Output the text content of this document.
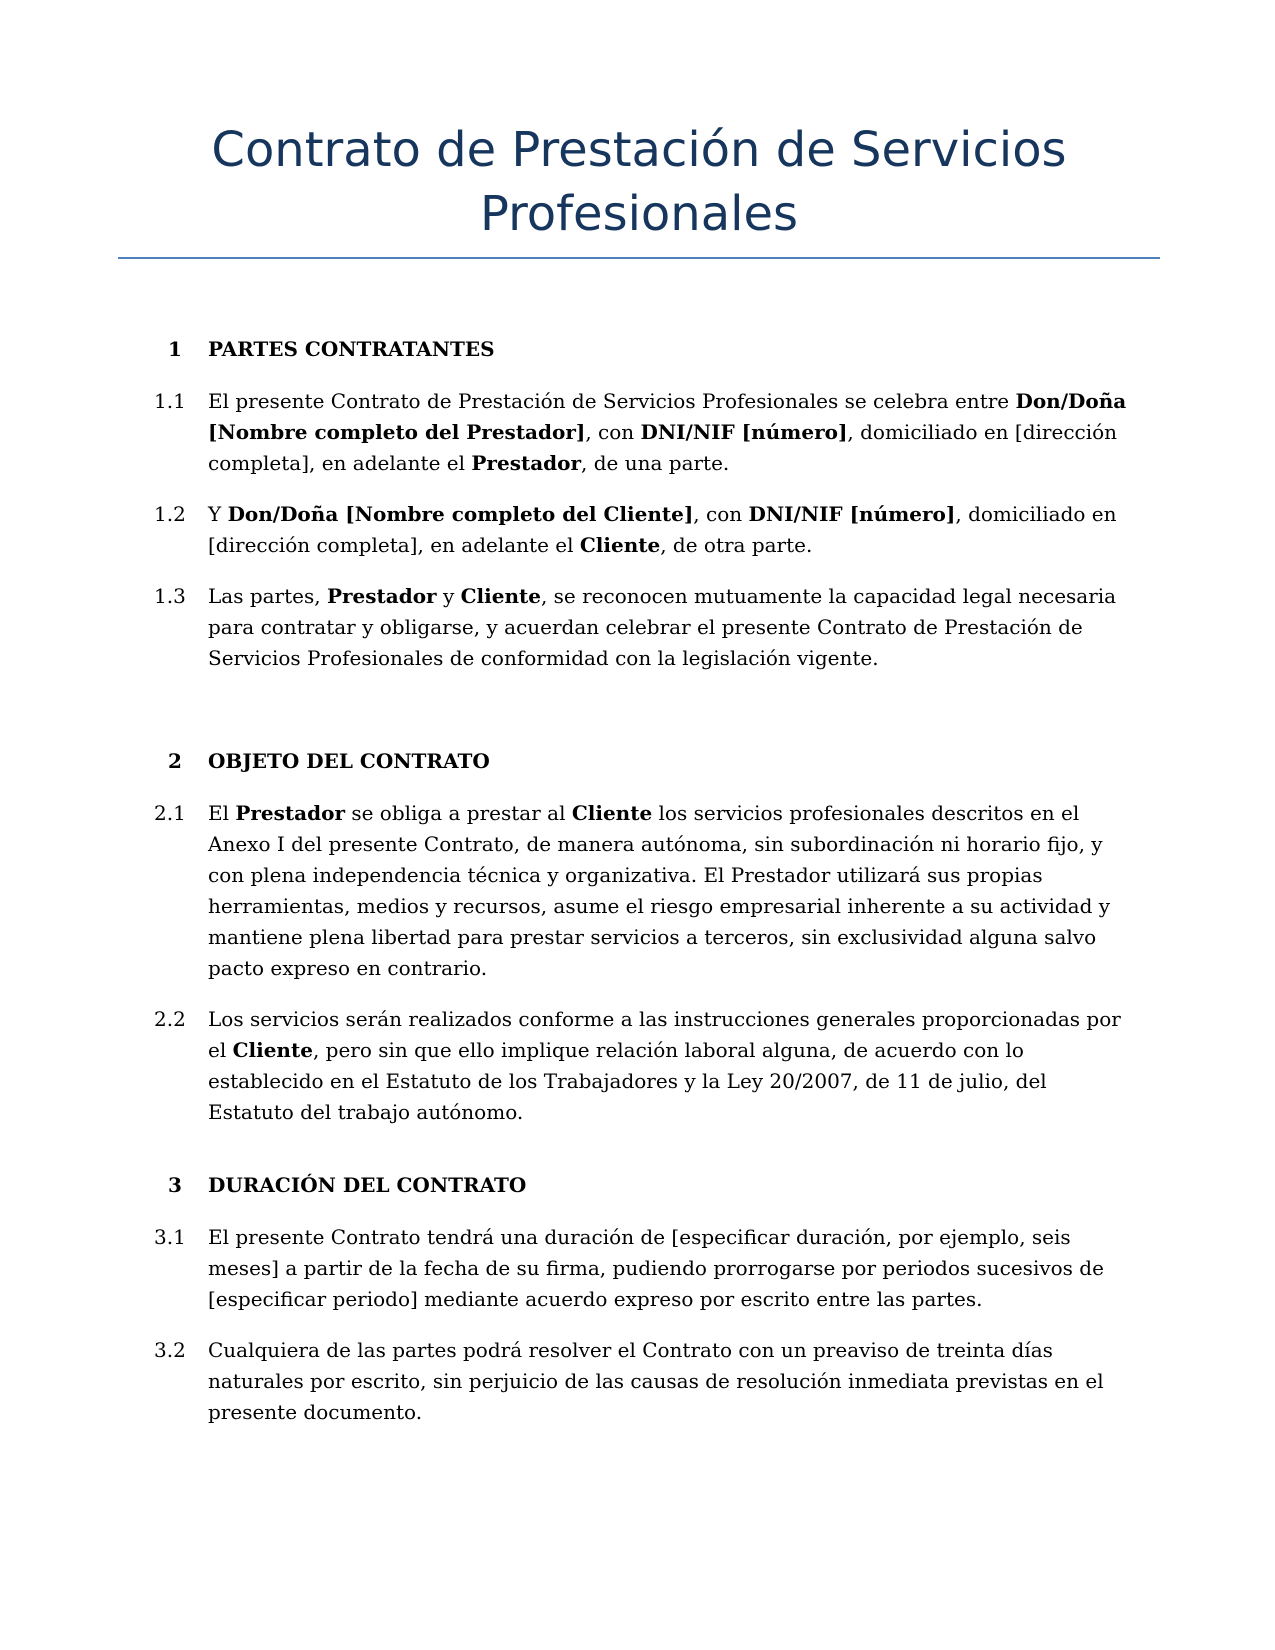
Contrato de Prestación de Servicios Profesionales
1	PARTES CONTRATANTES
1.1	El presente Contrato de Prestación de Servicios Profesionales se celebra entre Don/Doña [Nombre completo del Prestador], con DNI/NIF [número], domiciliado en [dirección completa], en adelante el Prestador, de una parte.
1.2	Y Don/Doña [Nombre completo del Cliente], con DNI/NIF [número], domiciliado en [dirección completa], en adelante el Cliente, de otra parte.
1.3	Las partes, Prestador y Cliente, se reconocen mutuamente la capacidad legal necesaria para contratar y obligarse, y acuerdan celebrar el presente Contrato de Prestación de Servicios Profesionales de conformidad con la legislación vigente.
2	OBJETO DEL CONTRATO
2.1	El Prestador se obliga a prestar al Cliente los servicios profesionales descritos en el Anexo I del presente Contrato, de manera autónoma, sin subordinación ni horario fijo, y con plena independencia técnica y organizativa. El Prestador utilizará sus propias herramientas, medios y recursos, asume el riesgo empresarial inherente a su actividad y mantiene plena libertad para prestar servicios a terceros, sin exclusividad alguna salvo pacto expreso en contrario.
2.2	Los servicios serán realizados conforme a las instrucciones generales proporcionadas por el Cliente, pero sin que ello implique relación laboral alguna, de acuerdo con lo establecido en el Estatuto de los Trabajadores y la Ley 20/2007, de 11 de julio, del Estatuto del trabajo autónomo.
3	DURACIÓN DEL CONTRATO
3.1	El presente Contrato tendrá una duración de [especificar duración, por ejemplo, seis meses] a partir de la fecha de su firma, pudiendo prorrogarse por periodos sucesivos de [especificar periodo] mediante acuerdo expreso por escrito entre las partes.
3.2	Cualquiera de las partes podrá resolver el Contrato con un preaviso de treinta días naturales por escrito, sin perjuicio de las causas de resolución inmediata previstas en el presente documento.
